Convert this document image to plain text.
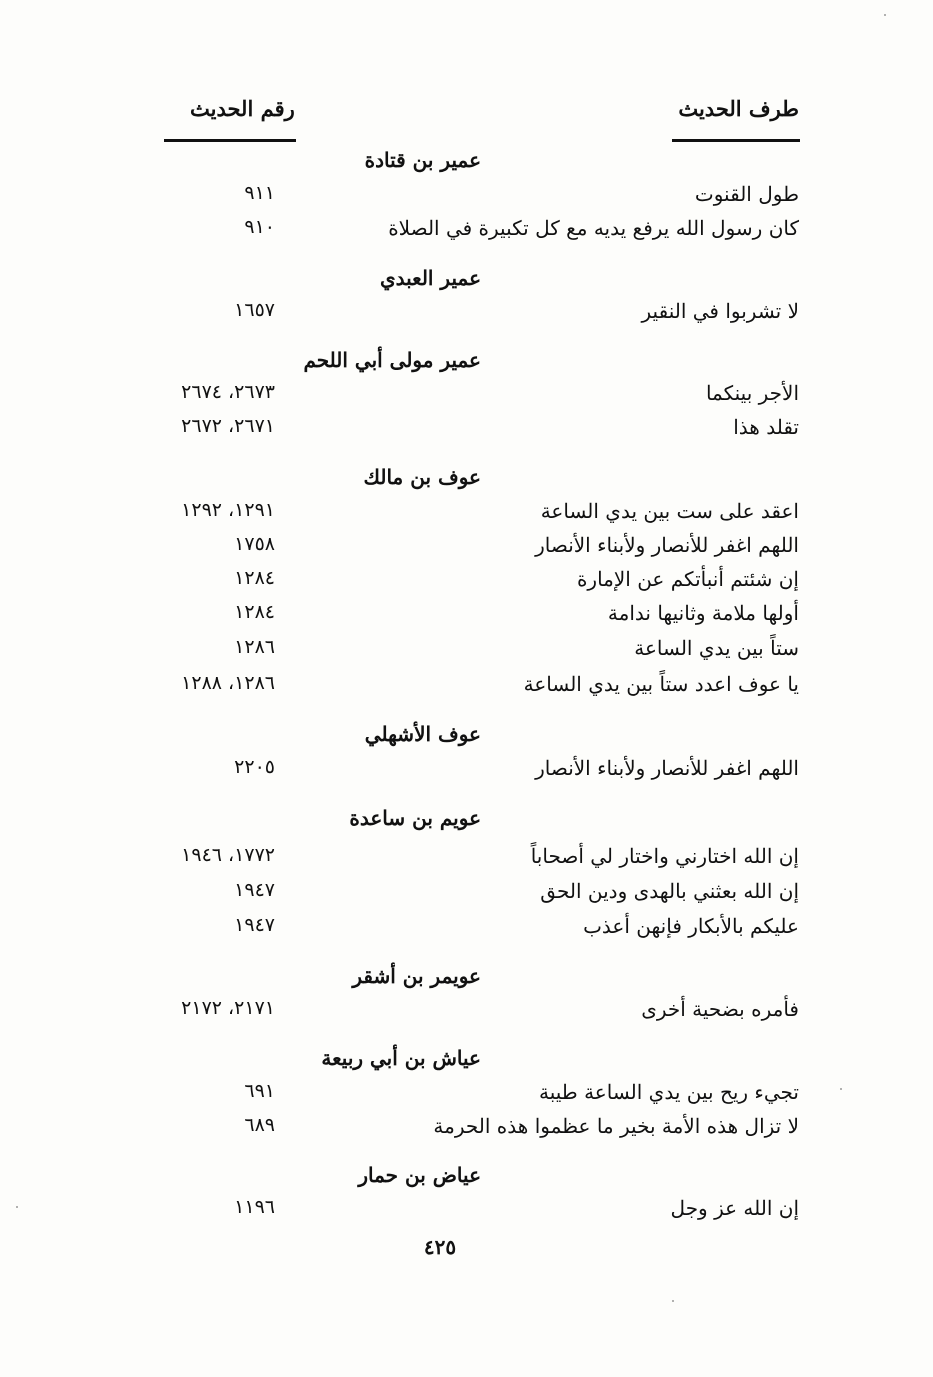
طرف الحديث
رقم الحديث
عمير بن قتادة
طول القنوت
٩١١
كان رسول الله يرفع يديه مع كل تكبيرة في الصلاة
٩١٠
عمير العبدي
لا تشربوا في النقير
١٦٥٧
عمير مولى أبي اللحم
الأجر بينكما
٢٦٧٣، ٢٦٧٤
تقلد هذا
٢٦٧١، ٢٦٧٢
عوف بن مالك
اعقد على ست بين يدي الساعة
١٢٩١، ١٢٩٢
اللهم اغفر للأنصار ولأبناء الأنصار
١٧٥٨
إن شئتم أنبأتكم عن الإمارة
١٢٨٤
أولها ملامة وثانيها ندامة
١٢٨٤
ستاً بين يدي الساعة
١٢٨٦
يا عوف اعدد ستاً بين يدي الساعة
١٢٨٦، ١٢٨٨
عوف الأشهلي
اللهم اغفر للأنصار ولأبناء الأنصار
٢٢٠٥
عويم بن ساعدة
إن الله اختارني واختار لي أصحاباً
١٧٧٢، ١٩٤٦
إن الله بعثني بالهدى ودين الحق
١٩٤٧
عليكم بالأبكار فإنهن أعذب
١٩٤٧
عويمر بن أشقر
فأمره بضحية أخرى
٢١٧١، ٢١٧٢
عياش بن أبي ربيعة
تجيء ريح بين يدي الساعة طيبة
٦٩١
لا تزال هذه الأمة بخير ما عظموا هذه الحرمة
٦٨٩
عياض بن حمار
إن الله عز وجل
١١٩٦
٤٢٥
